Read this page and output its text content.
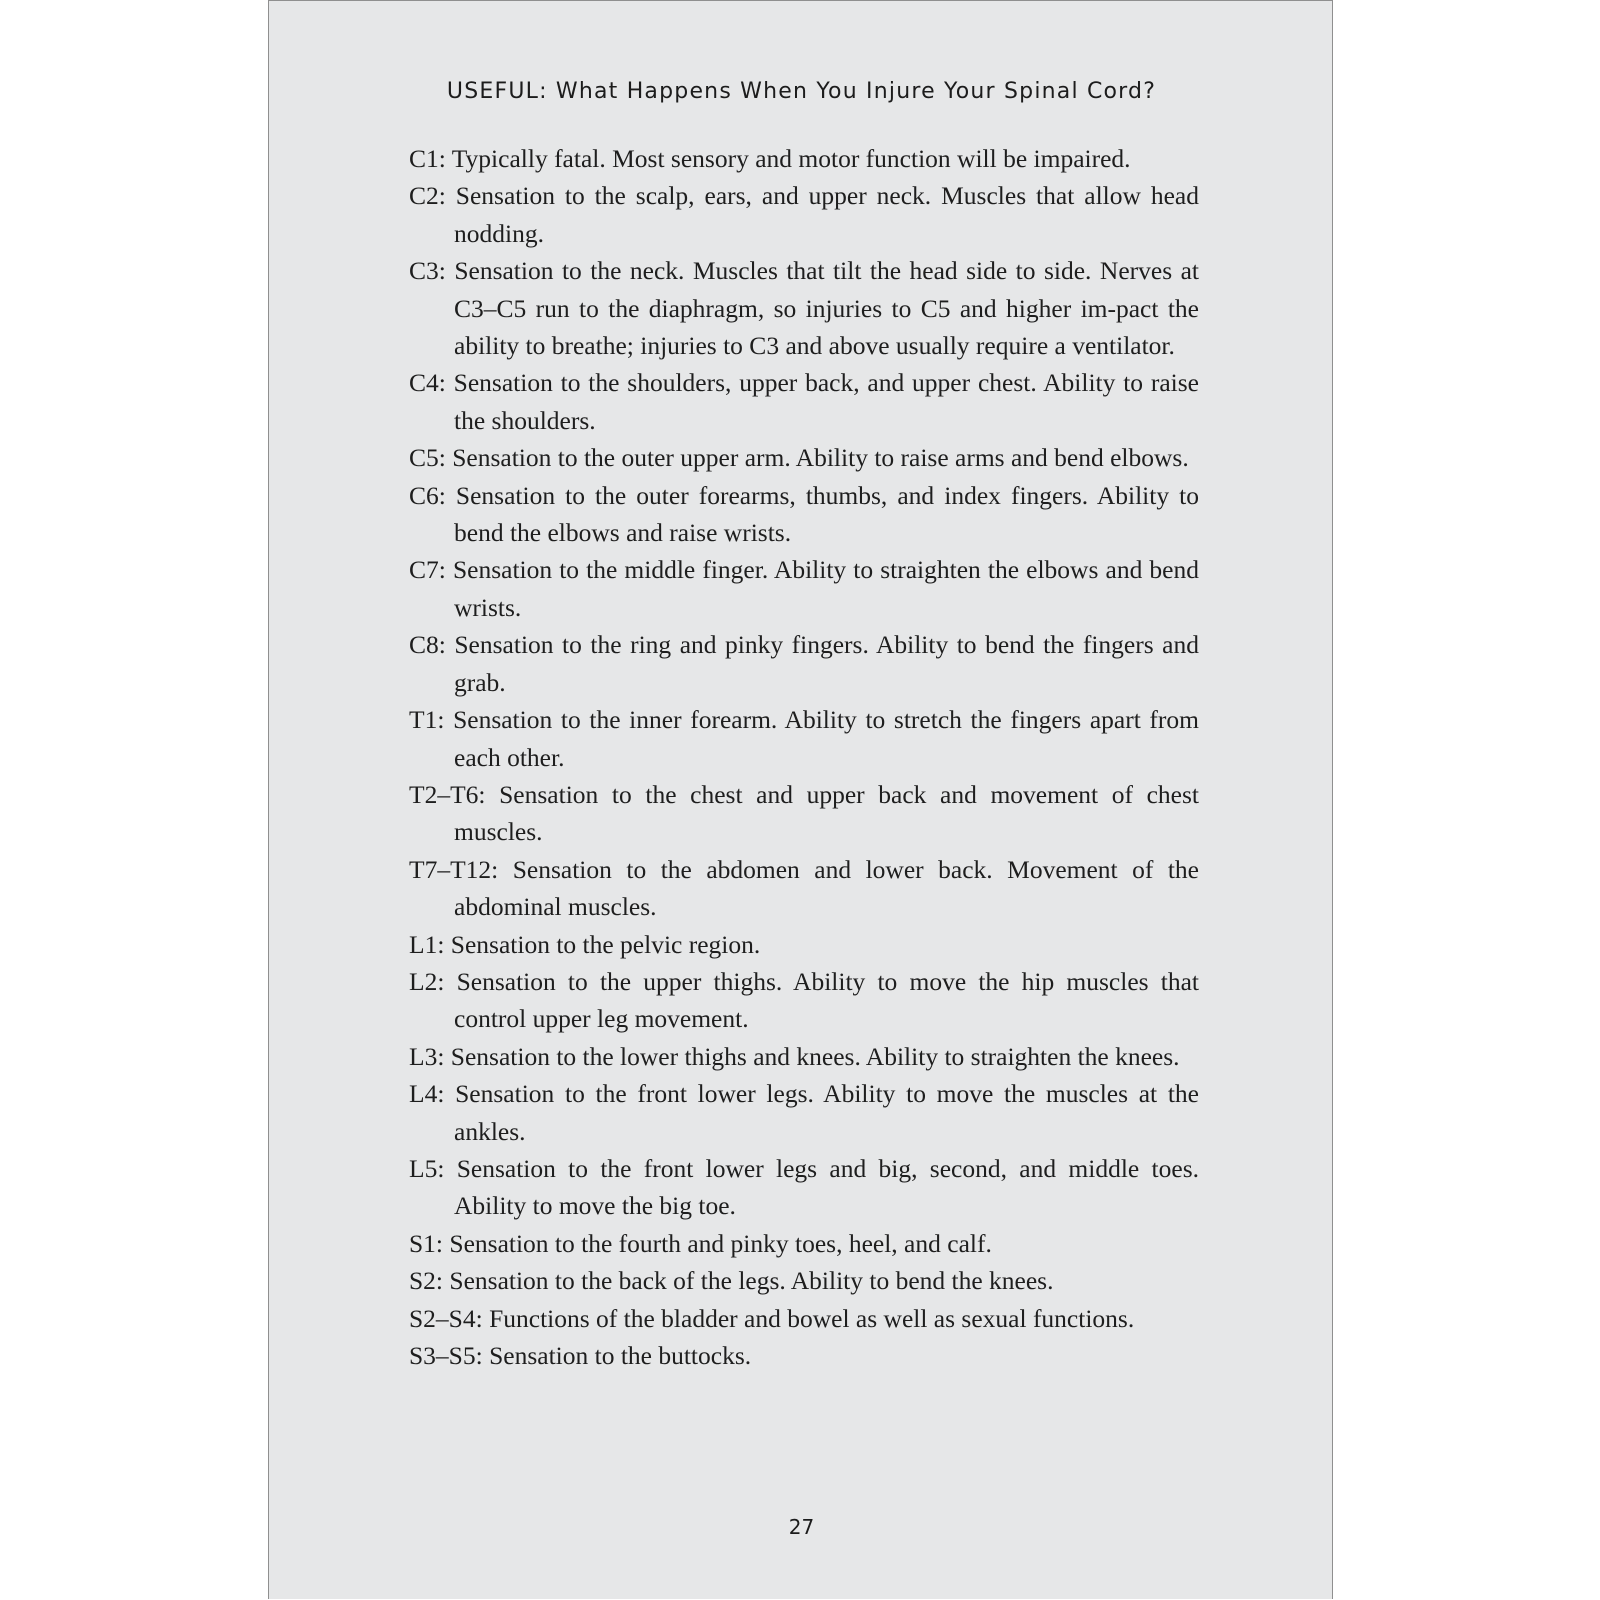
USEFUL: What Happens When You Injure Your Spinal Cord?
C1: Typically fatal. Most sensory and motor function will be impaired.
C2: Sensation to the scalp, ears, and upper neck. Muscles that allow head nodding.
C3: Sensation to the neck. Muscles that tilt the head side to side. Nerves at C3–C5 run to the diaphragm, so injuries to C5 and higher im-pact the ability to breathe; injuries to C3 and above usually require a ventilator.
C4: Sensation to the shoulders, upper back, and upper chest. Ability to raise the shoulders.
C5: Sensation to the outer upper arm. Ability to raise arms and bend elbows.
C6: Sensation to the outer forearms, thumbs, and index fingers. Ability to bend the elbows and raise wrists.
C7: Sensation to the middle finger. Ability to straighten the elbows and bend wrists.
C8: Sensation to the ring and pinky fingers. Ability to bend the fingers and grab.
T1: Sensation to the inner forearm. Ability to stretch the fingers apart from each other.
T2–T6: Sensation to the chest and upper back and movement of chest muscles.
T7–T12: Sensation to the abdomen and lower back. Movement of the abdominal muscles.
L1: Sensation to the pelvic region.
L2: Sensation to the upper thighs. Ability to move the hip muscles that control upper leg movement.
L3: Sensation to the lower thighs and knees. Ability to straighten the knees.
L4: Sensation to the front lower legs. Ability to move the muscles at the ankles.
L5: Sensation to the front lower legs and big, second, and middle toes. Ability to move the big toe.
S1: Sensation to the fourth and pinky toes, heel, and calf.
S2: Sensation to the back of the legs. Ability to bend the knees.
S2–S4: Functions of the bladder and bowel as well as sexual functions.
S3–S5: Sensation to the buttocks.
27
